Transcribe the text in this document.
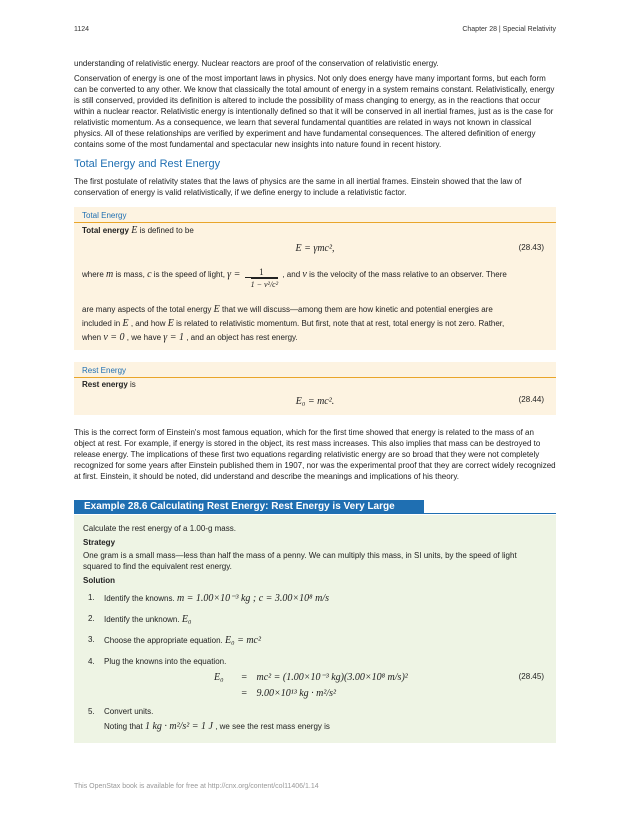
1124	Chapter 28 | Special Relativity

understanding of relativistic energy. Nuclear reactors are proof of the conservation of relativistic energy.

Conservation of energy is one of the most important laws in physics. Not only does energy have many important forms, but each form can be converted to any other. We know that classically the total amount of energy in a system remains constant. Relativistically, energy is still conserved, provided its definition is altered to include the possibility of mass changing to energy, as in the reactions that occur within a nuclear reactor. Relativistic energy is intentionally defined so that it will be conserved in all inertial frames, just as is the case for relativistic momentum. As a consequence, we learn that several fundamental quantities are related in ways not known in classical physics. All of these relationships are verified by experiment and have fundamental consequences. The altered definition of energy contains some of the most fundamental and spectacular new insights into nature found in recent history.

Total Energy and Rest Energy

The first postulate of relativity states that the laws of physics are the same in all inertial frames. Einstein showed that the law of conservation of energy is valid relativistically, if we define energy to include a relativistic factor.

Total Energy
Total energy E is defined to be
E = γmc²,	(28.43)
where m is mass, c is the speed of light, $\gamma = \frac{1}{\text{1 − v²/c²}}$ , and v is the velocity of the mass relative to an observer. There
are many aspects of the total energy E that we will discuss—among them are how kinetic and potential energies are
included in E , and how E is related to relativistic momentum. But first, note that at rest, total energy is not zero. Rather,
when v = 0 , we have γ = 1 , and an object has rest energy.
Rest Energy
Rest energy is
E₀ = mc².	(28.44)

This is the correct form of Einstein's most famous equation, which for the first time showed that energy is related to the mass of an object at rest. For example, if energy is stored in the object, its rest mass increases. This also implies that mass can be destroyed to release energy. The implications of these first two equations regarding relativistic energy are so broad that they were not completely recognized for some years after Einstein published them in 1907, nor was the experimental proof that they are correct widely recognized at first. Einstein, it should be noted, did understand and describe the meanings and implications of his theory.

Example 28.6 Calculating Rest Energy: Rest Energy is Very Large

Calculate the rest energy of a 1.00-g mass.

Strategy

One gram is a small mass—less than half the mass of a penny. We can multiply this mass, in SI units, by the speed of light squared to find the equivalent rest energy.

Solution

1. Identify the knowns. m = 1.00×10⁻³ kg ; c = 3.00×10⁸ m/s
2. Identify the unknown. E₀
3. Choose the appropriate equation. E₀ = mc²
4. Plug the knowns into the equation.
E₀ = mc² = (1.00×10⁻³ kg)(3.00×10⁸ m/s)²
= 9.00×10¹³ kg · m²/s²
(28.45)
5. Convert units.
Noting that 1 kg · m²/s² = 1 J , we see the rest mass energy is
This OpenStax book is available for free at http://cnx.org/content/col11406/1.14
